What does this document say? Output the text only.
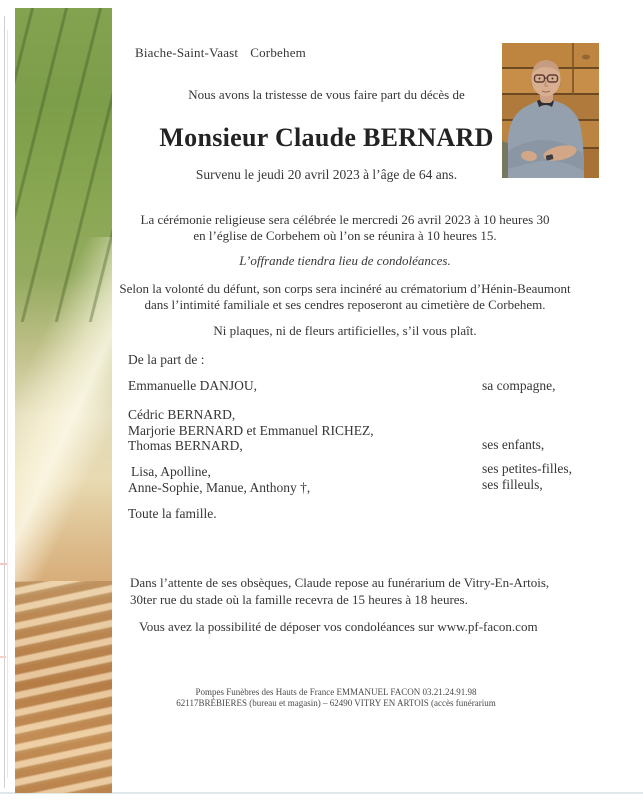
Biache-Saint-Vaast Corbehem
Nous avons la tristesse de vous faire part du décès de
Monsieur Claude BERNARD
Survenu le jeudi 20 avril 2023 à l’âge de 64 ans.
La cérémonie religieuse sera célébrée le mercredi 26 avril 2023 à 10 heures 30
en l’église de Corbehem où l’on se réunira à 10 heures 15.
L’offrande tiendra lieu de condoléances.
Selon la volonté du défunt, son corps sera incinéré au crématorium d’Hénin-Beaumont
dans l’intimité familiale et ses cendres reposeront au cimetière de Corbehem.
Ni plaques, ni de fleurs artificielles, s’il vous plaît.
De la part de :
Emmanuelle DANJOU,	sa compagne,
Cédric BERNARD,
Marjorie BERNARD et Emmanuel RICHEZ,
Thomas BERNARD,	ses enfants,
Lisa, Apolline,	ses petites-filles,
Anne-Sophie, Manue, Anthony †,	ses filleuls,
Toute la famille.
Dans l’attente de ses obsèques, Claude repose au funérarium de Vitry-En-Artois,
30ter rue du stade où la famille recevra de 15 heures à 18 heures.
Vous avez la possibilité de déposer vos condoléances sur www.pf-facon.com
Pompes Funèbres des Hauts de France EMMANUEL FACON 03.21.24.91.98
62117BRÉBIERES (bureau et magasin) – 62490 VITRY EN ARTOIS (accès funérarium
